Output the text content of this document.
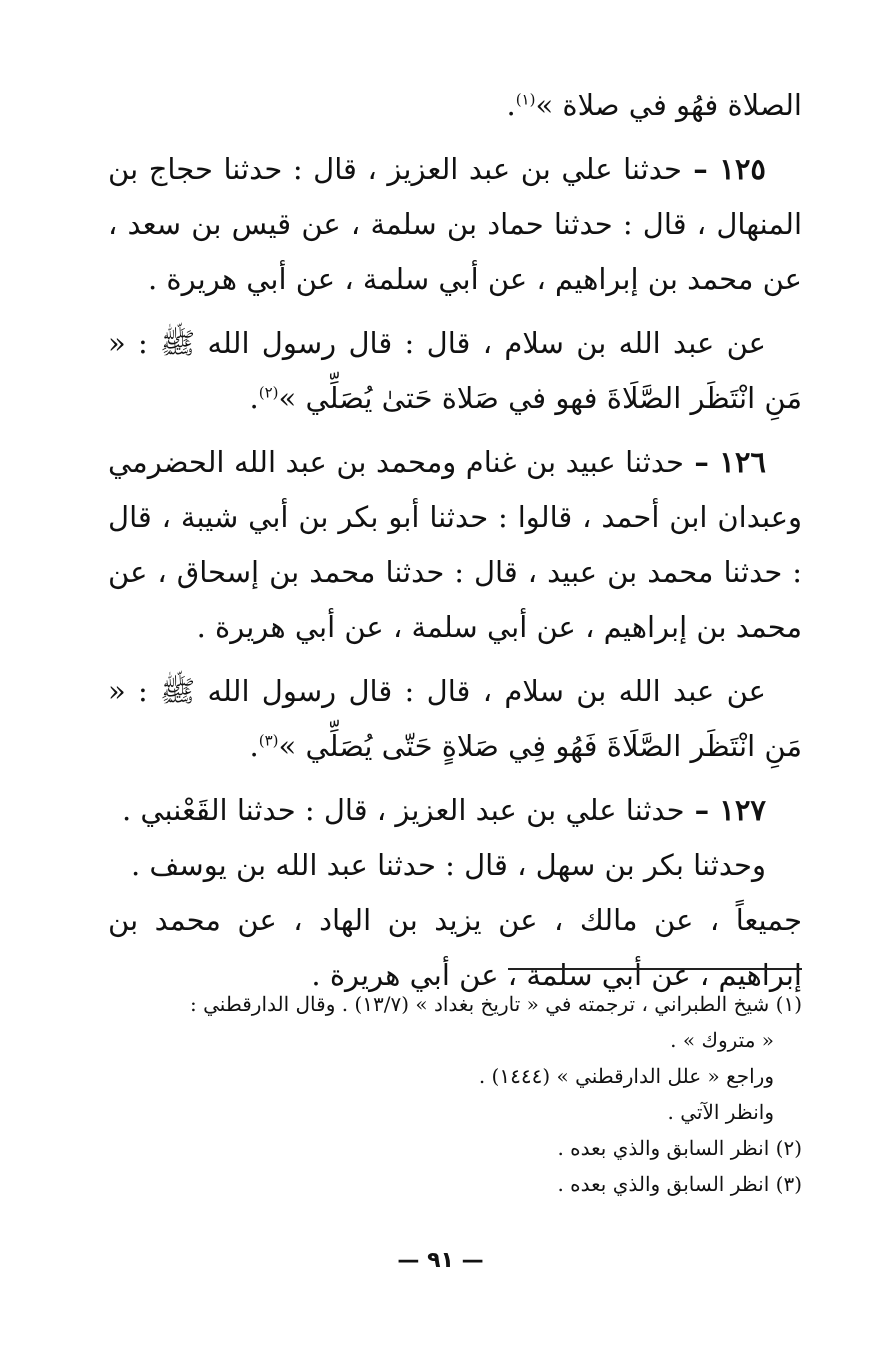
الصلاة فهُو في صلاة »$^{(١)}$.

١٢٥ – حدثنا علي بن عبد العزيز ، قال : حدثنا حجاج بن المنهال ، قال : حدثنا حماد بن سلمة ، عن قيس بن سعد ، عن محمد بن إبراهيم ، عن أبي سلمة ، عن أبي هريرة .

عن عبد الله بن سلام ، قال : قال رسول الله ﷺ : « مَنِ انْتَظَر الصَّلَاةَ فهو في صَلاة حَتىٰ يُصَلِّي »$^{(٢)}$.

١٢٦ – حدثنا عبيد بن غنام ومحمد بن عبد الله الحضرمي وعبدان ابن أحمد ، قالوا : حدثنا أبو بكر بن أبي شيبة ، قال : حدثنا محمد بن عبيد ، قال : حدثنا محمد بن إسحاق ، عن محمد بن إبراهيم ، عن أبي سلمة ، عن أبي هريرة .

عن عبد الله بن سلام ، قال : قال رسول الله ﷺ : « مَنِ انْتَظَر الصَّلَاةَ فَهُو فِي صَلاةٍ حَتّى يُصَلِّي »$^{(٣)}$.

١٢٧ – حدثنا علي بن عبد العزيز ، قال : حدثنا القَعْنبي .

وحدثنا بكر بن سهل ، قال : حدثنا عبد الله بن يوسف .

جميعاً ، عن مالك ، عن يزيد بن الهاد ، عن محمد بن إبراهيم ، عن أبي سلمة ، عن أبي هريرة .

(١) شيخ الطبراني ، ترجمته في « تاريخ بغداد » (١٣/٧) . وقال الدارقطني :

« متروك » .

وراجع « علل الدارقطني » (١٤٤٤) .

وانظر الآتي .

(٢) انظر السابق والذي بعده .

(٣) انظر السابق والذي بعده .

— ٩١ —
